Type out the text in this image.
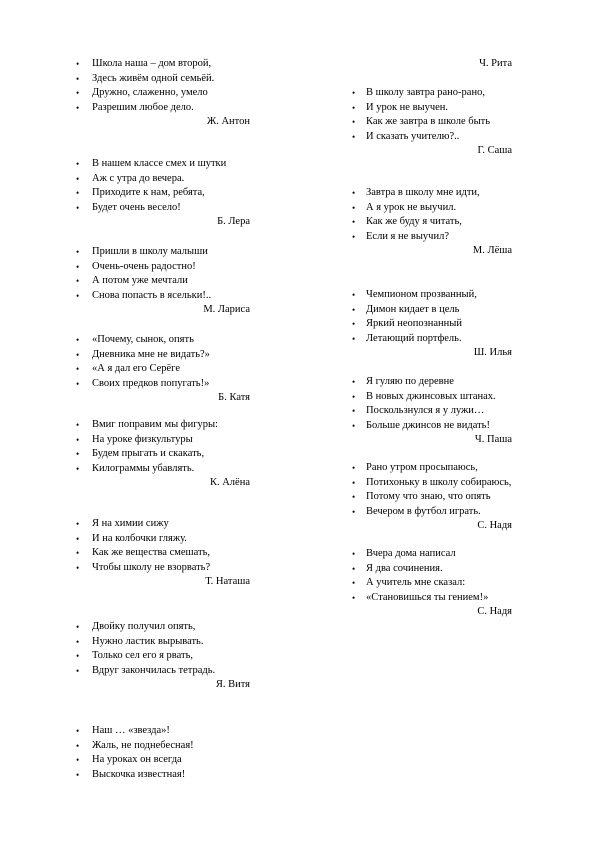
• Школа наша – дом второй,
• Здесь живём одной семьёй.
• Дружно, слаженно, умело
• Разрешим любое дело.
Ж. Антон
• В нашем классе смех и шутки
• Аж с утра до вечера.
• Приходите к нам, ребята,
• Будет очень весело!
Б. Лера
• Пришли в школу малыши
• Очень-очень радостно!
• А потом уже мечтали
• Снова попасть в ясельки!..
М. Лариса
• «Почему, сынок, опять
• Дневника мне не видать?»
• «А я дал его Серёге
• Своих предков попугать!»
Б. Катя
• Вмиг поправим мы фигуры:
• На уроке физкультуры
• Будем прыгать и скакать,
• Килограммы убавлять.
К. Алёна
• Я на химии сижу
• И на колбочки гляжу.
• Как же вещества смешать,
• Чтобы школу не взорвать?
Т. Наташа
• Двойку получил опять,
• Нужно ластик вырывать.
• Только сел его я рвать,
• Вдруг закончилась тетрадь.
Я. Витя
• Наш … «звезда»!
• Жаль, не поднебесная!
• На уроках он всегда
• Выскочка известная!
Ч. Рита
• В школу завтра рано-рано,
• И урок не выучен.
• Как же завтра в школе быть
• И сказать учителю?..
Г. Саша
• Завтра в школу мне идти,
• А я урок не выучил.
• Как же буду я читать,
• Если я не выучил?
М. Лёша
• Чемпионом прозванный,
• Димон кидает в цель
• Яркий неопознанный
• Летающий портфель.
Ш. Илья
• Я гуляю по деревне
• В новых джинсовых штанах.
• Поскользнулся я у лужи…
• Больше джинсов не видать!
Ч. Паша
• Рано утром просыпаюсь,
• Потихоньку в школу собираюсь,
• Потому что знаю, что опять
• Вечером в футбол играть.
С. Надя
• Вчера дома написал
• Я два сочинения.
• А учитель мне сказал:
• «Становишься ты гением!»
С. Надя
